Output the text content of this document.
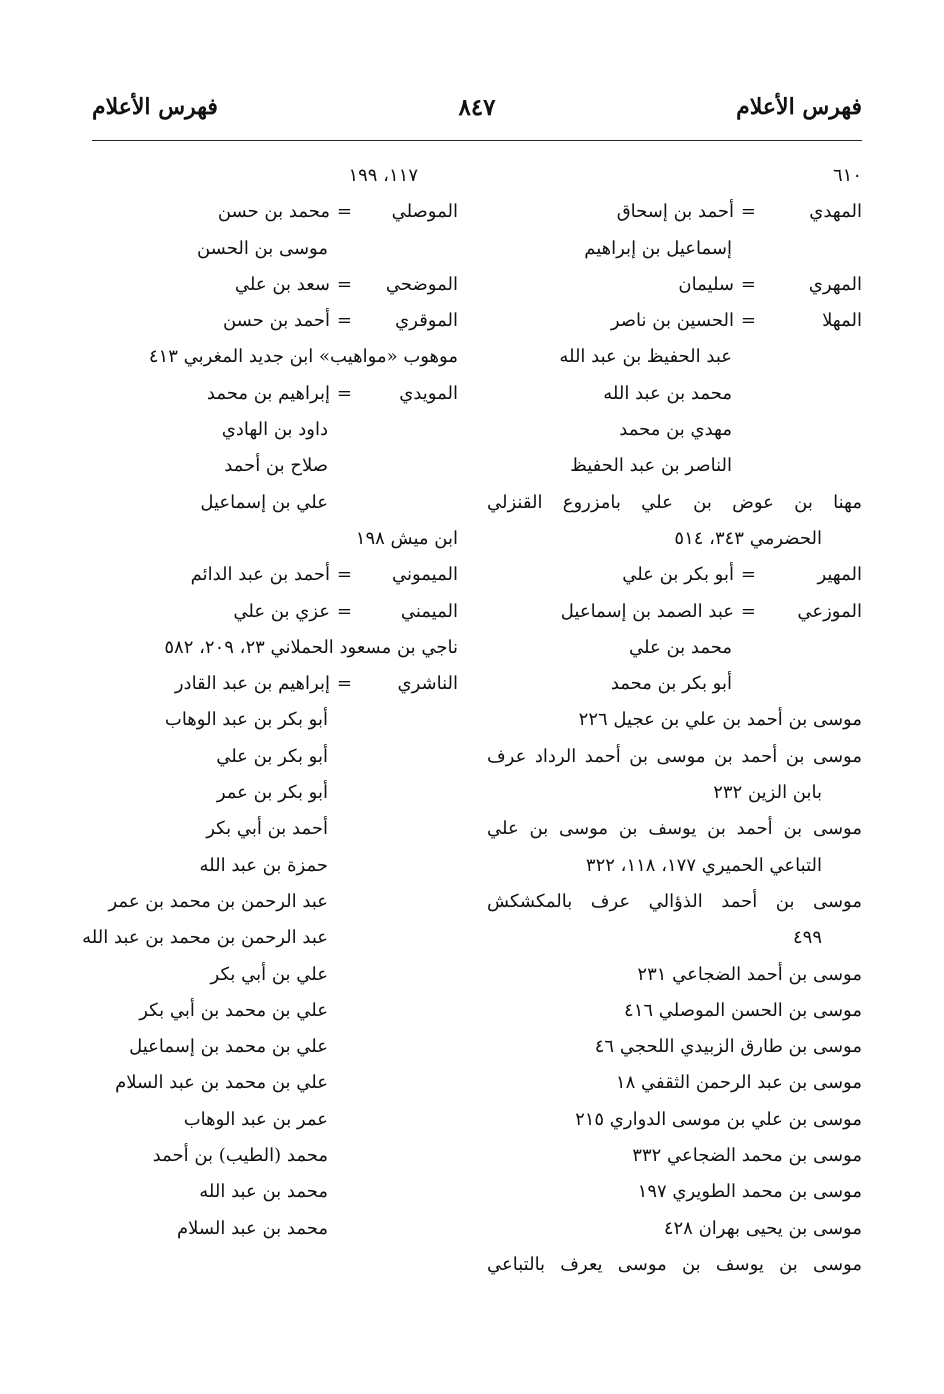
فهرس الأعلام	٨٤٧	فهرس الأعلام
٦١٠
المهدي
=
أحمد بن إسحاق
إسماعيل بن إبراهيم
المهري
=
سليمان
المهلا
=
الحسين بن ناصر
عبد الحفيظ بن عبد الله
محمد بن عبد الله
مهدي بن محمد
الناصر بن عبد الحفيظ
مهنا بن عوض بن علي بامزروع القنزلي
الحضرمي ٣٤٣، ٥١٤
المهير
=
أبو بكر بن علي
الموزعي
=
عبد الصمد بن إسماعيل
محمد بن علي
أبو بكر بن محمد
موسى بن أحمد بن علي بن عجيل ٢٢٦
موسى بن أحمد بن موسى بن أحمد الرداد عرف
بابن الزين ٢٣٢
موسى بن أحمد بن يوسف بن موسى بن علي
التباعي الحميري ١٧٧، ١١٨، ٣٢٢
موسى بن أحمد الذؤالي عرف بالمكشكش
٤٩٩
موسى بن أحمد الضجاعي ٢٣١
موسى بن الحسن الموصلي ٤١٦
موسى بن طارق الزبيدي اللحجي ٤٦
موسى بن عبد الرحمن الثقفي ١٨
موسى بن علي بن موسى الدواري ٢١٥
موسى بن محمد الضجاعي ٣٣٢
موسى بن محمد الطويري ١٩٧
موسى بن يحيى بهران ٤٢٨
موسى بن يوسف بن موسى يعرف بالتباعي
١١٧، ١٩٩
الموصلي
=
محمد بن حسن
موسى بن الحسن
الموضحي
=
سعد بن علي
الموقري
=
أحمد بن حسن
موهوب «مواهيب» ابن جديد المغربي ٤١٣
المويدي
=
إبراهيم بن محمد
داود بن الهادي
صلاح بن أحمد
علي بن إسماعيل
ابن ميش ١٩٨
الميموني
=
أحمد بن عبد الدائم
الميمني
=
عزي بن علي
ناجي بن مسعود الحملاني ٢٣، ٢٠٩، ٥٨٢
الناشري
=
إبراهيم بن عبد القادر
أبو بكر بن عبد الوهاب
أبو بكر بن علي
أبو بكر بن عمر
أحمد بن أبي بكر
حمزة بن عبد الله
عبد الرحمن بن محمد بن عمر
عبد الرحمن بن محمد بن عبد الله
علي بن أبي بكر
علي بن محمد بن أبي بكر
علي بن محمد بن إسماعيل
علي بن محمد بن عبد السلام
عمر بن عبد الوهاب
محمد (الطيب) بن أحمد
محمد بن عبد الله
محمد بن عبد السلام
